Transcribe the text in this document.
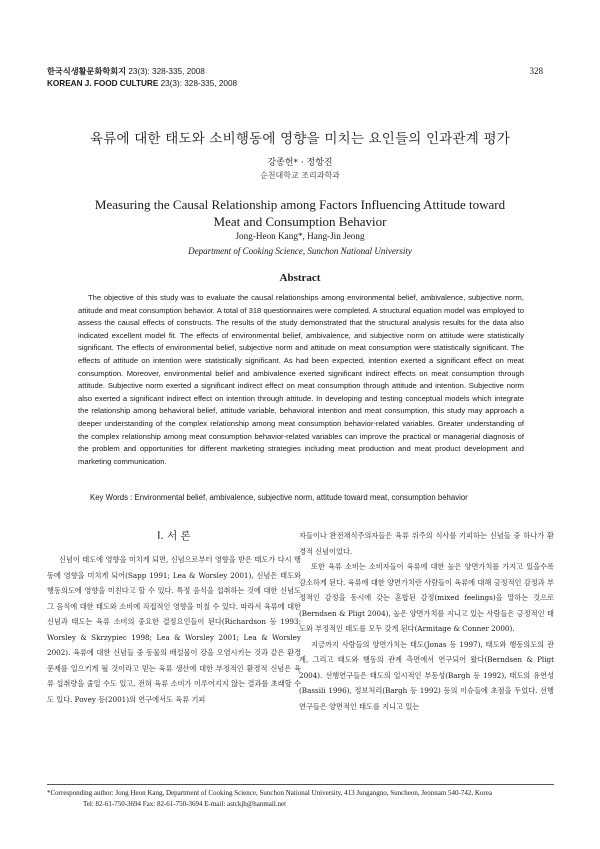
한국식생활문화학회지 23(3): 328-335, 2008
KOREAN J. FOOD CULTURE 23(3): 328-335, 2008
328
육류에 대한 태도와 소비행동에 영향을 미치는 요인들의 인과관계 평가
강종헌* · 정항진
순천대학교 조리과학과
Measuring the Causal Relationship among Factors Influencing Attitude toward
Meat and Consumption Behavior
Jong-Heon Kang*, Hang-Jin Jeong
Department of Cooking Science, Sunchon National University
Abstract

The objective of this study was to evaluate the causal relationships among environmental belief, ambivalence, subjective norm, attitude and meat consumption behavior. A total of 318 questionnaires were completed. A structural equation model was employed to assess the causal effects of constructs. The results of the study demonstrated that the structural analysis results for the data also indicated excellent model fit. The effects of environmental belief, ambivalence, and subjective norm on attitude were statistically significant. The effects of environmental belief, subjective norm and attitude on meat consumption were statistically significant. The effects of attitude on intention were statistically significant. As had been expected, intention exerted a significant effect on meat consumption. Moreover, environmental belief and ambivalence exerted significant indirect effects on meat consumption through attitude. Subjective norm exerted a significant indirect effect on meat consumption through attitude and intention. Subjective norm also exerted a significant indirect effect on intention through attitude. In developing and testing conceptual models which integrate the relationship among behavioral belief, attitude variable, behavioral intention and meat consumption, this study may approach a deeper understanding of the complex relationship among meat consumption behavior-related variables. Greater understanding of the complex relationship among meat consumption behavior-related variables can improve the practical or managerial diagnosis of the problem and opportunities for different marketing strategies including meat production and meat product development and marketing communication.

Key Words : Environmental belief, ambivalence, subjective norm, attitude toward meat, consumption behavior
Ⅰ. 서 론

신념이 태도에 영향을 미치게 되면, 신념으로부터 영향을 받은 태도가 다시 행동에 영향을 미치게 되어(Sapp 1991; Lea & Worsley 2001), 신념은 태도와 행동의도에 영향을 미친다고 할 수 있다. 특정 음식을 섭취하는 것에 대한 신념도 그 음식에 대한 태도와 소비에 직접적인 영향을 미칠 수 있다. 따라서 육류에 대한 신념과 태도는 육류 소비의 중요한 결정요인들이 된다(Richardson 등 1993; Worsley & Skrzypiec 1998; Lea & Worsley 2001; Lea & Worsley 2002). 육류에 대한 신념들 중 동물의 배설물이 강을 오염시키는 것과 같은 환경문제를 일으키게 될 것이라고 믿는 육류 생산에 대한 부정적인 환경적 신념은 육류 섭취량을 줄일 수도 있고, 전혀 육류 소비가 이루어지지 않는 결과를 초래할 수도 있다. Povey 등(2001)의 연구에서도 육류 기피

자들이나 완전채식주의자들은 육류 위주의 식사를 기피하는 신념들 중 하나가 환경적 신념이었다.

또한 육류 소비는 소비자들이 육류에 대한 높은 양면가치를 가지고 있을수록 감소하게 된다. 육류에 대한 양면가치란 사람들이 육류에 대해 긍정적인 감정과 부정적인 감정을 동시에 갖는 혼합된 감정(mixed feelings)을 말하는 것으로(Berndsen & Pligt 2004), 높은 양면가치를 지니고 있는 사람들은 긍정적인 태도와 부정적인 태도를 모두 갖게 된다(Armitage & Conner 2000).

지금까지 사람들의 양면가치는 태도(Jonas 등 1997), 태도와 행동의도의 관계, 그리고 태도와 행동의 관계 측면에서 연구되어 왔다(Berndsen & Pligt 2004). 선행연구들은 태도의 일시적인 부동성(Bargh 등 1992), 태도의 유연성(Bassili 1996), 정보처리(Bargh 등 1992) 등의 이슈들에 초점을 두었다. 선행연구들은 양면적인 태도를 지니고 있는

*Corresponding author: Jong Heon Kang, Department of Cooking Science, Sunchon National University, 413 Jungangno, Suncheon, Jeonnam 540-742, Korea
Tel: 82-61-750-3694 Fax: 82-61-750-3694 E-mail: astckjh@hanmail.net
